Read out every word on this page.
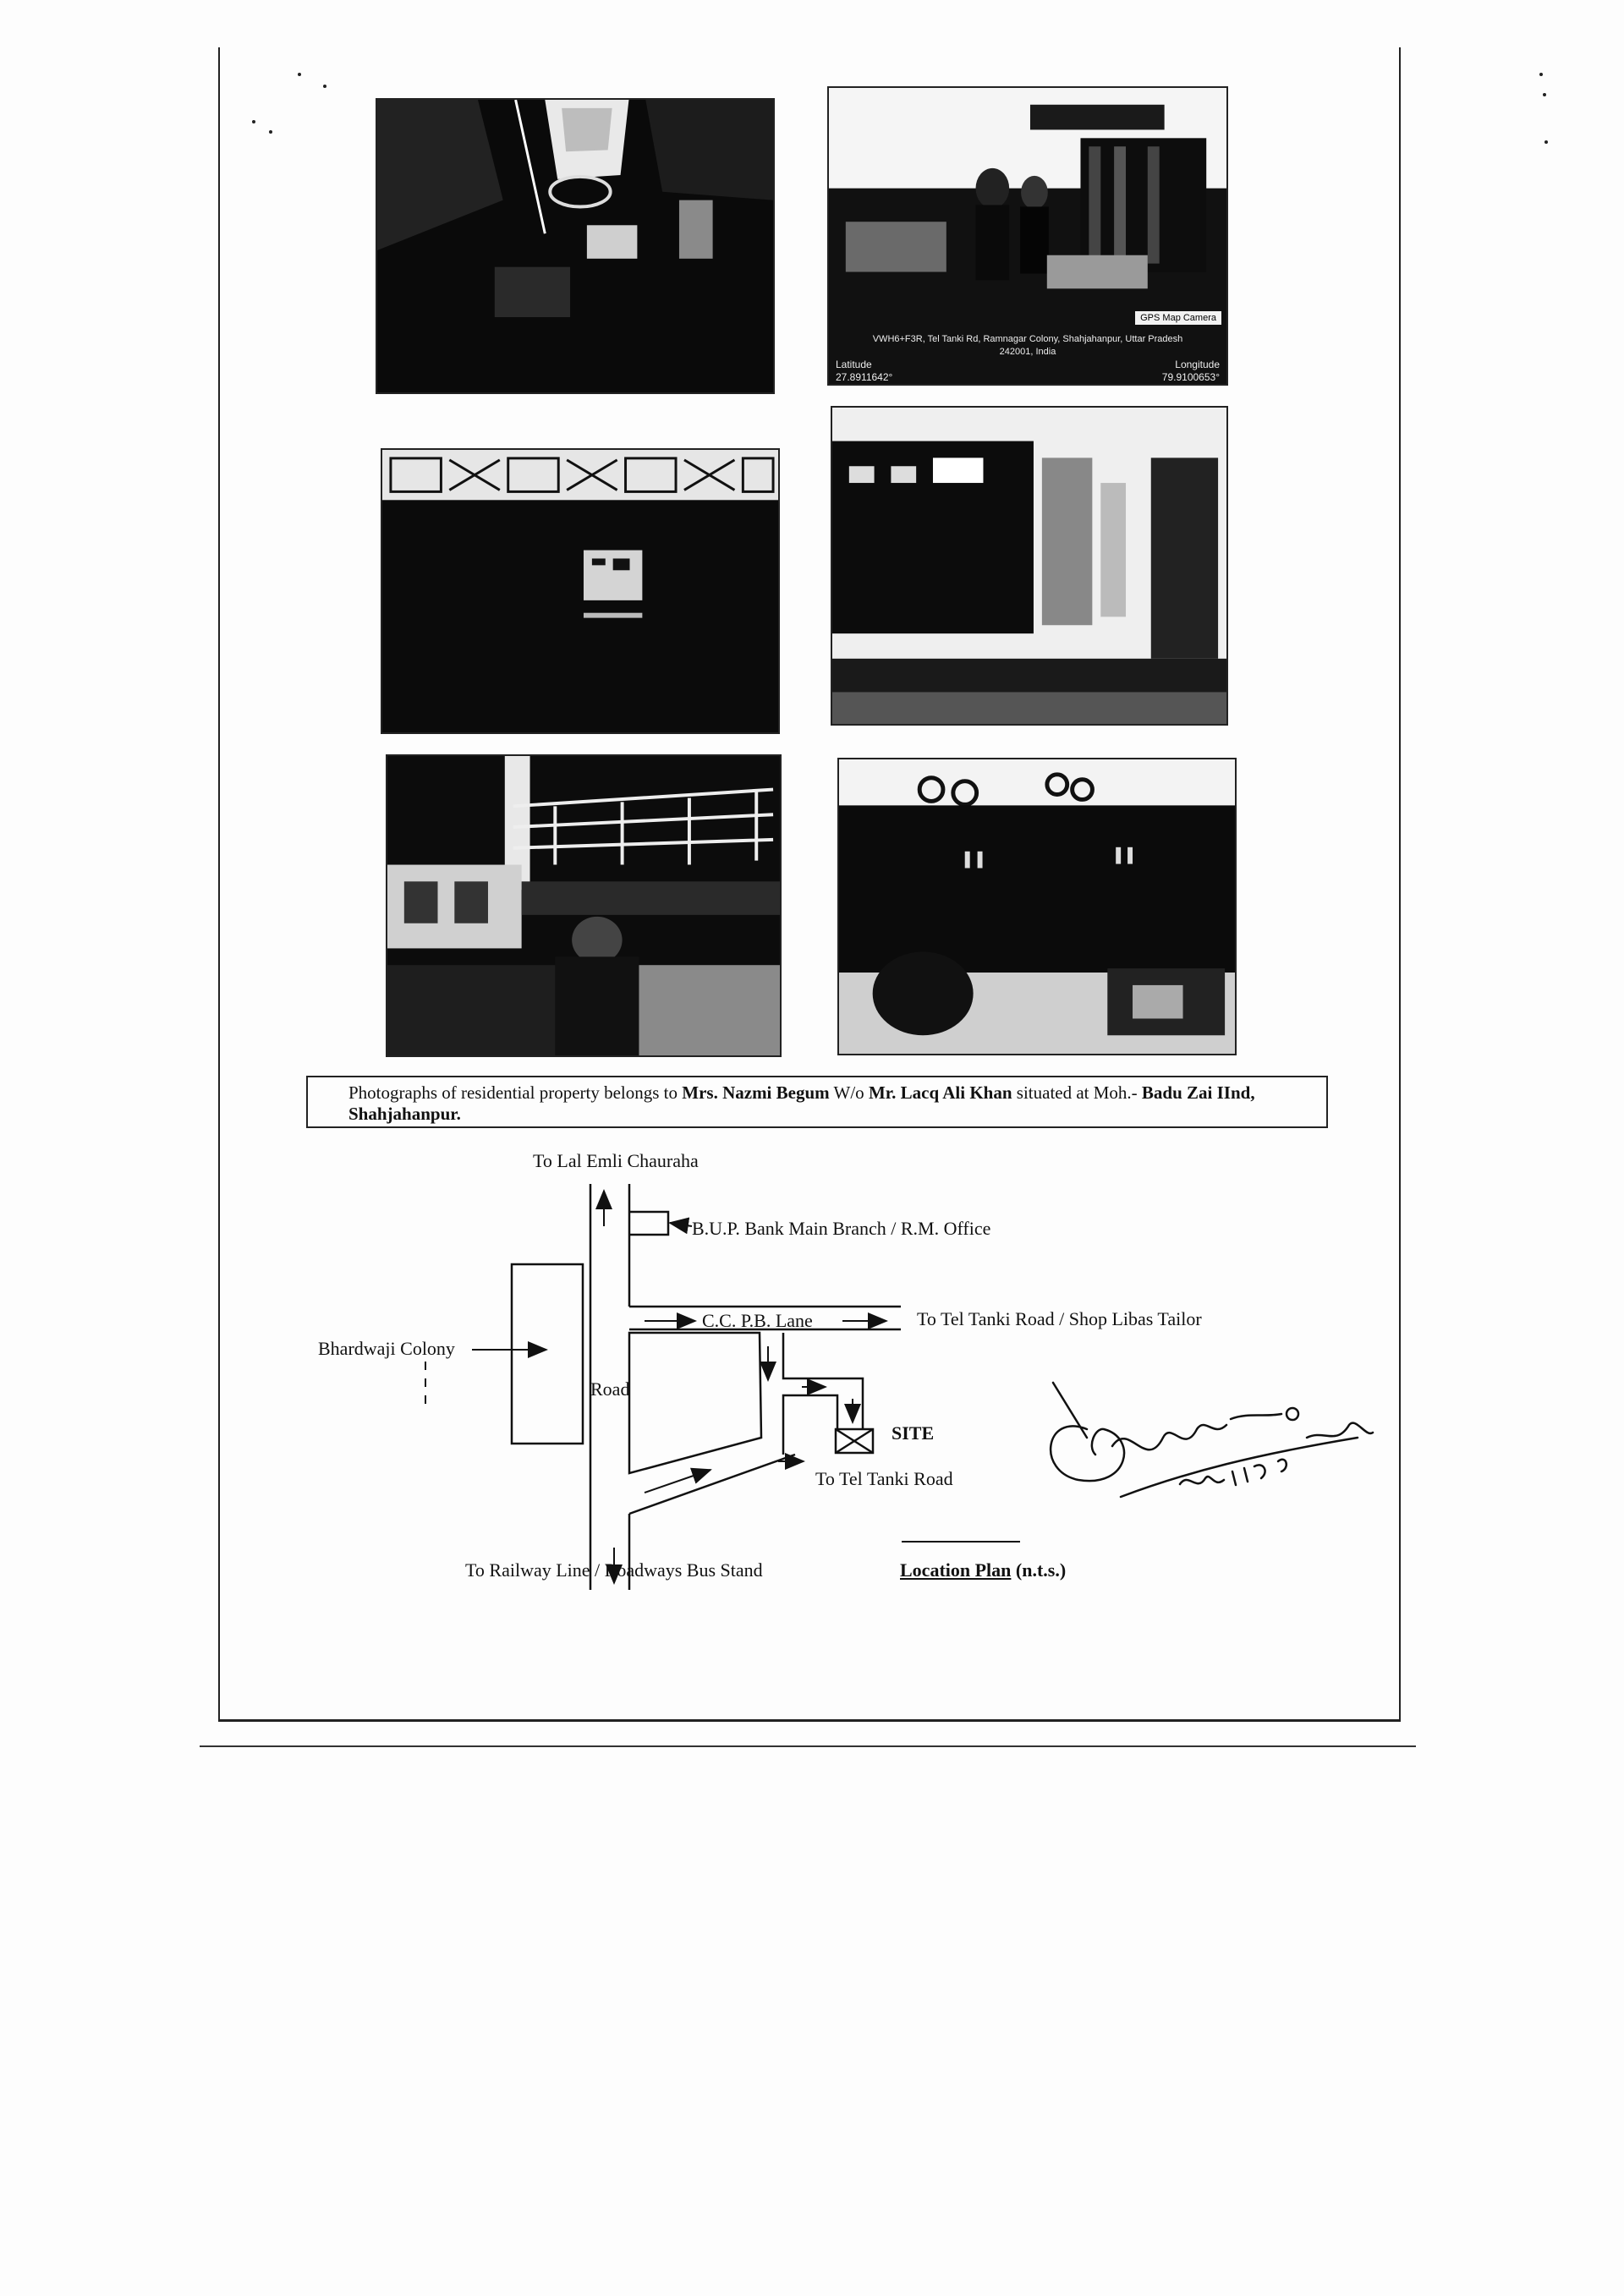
GPS Map Camera
VWH6+F3R, Tel Tanki Rd, Ramnagar Colony, Shahjahanpur, Uttar Pradesh
242001, India
Latitude	Longitude
27.8911642°	79.9100653°
Photographs of residential property belongs to Mrs. Nazmi Begum W/o Mr. Lacq Ali Khan situated at Moh.- Badu Zai IInd, Shahjahanpur.
To Lal Emli Chauraha
B.U.P. Bank Main Branch / R.M. Office
C.C. P.B. Lane	To Tel Tanki Road / Shop Libas Tailor
Bhardwaji Colony
Road
SITE
To Tel Tanki Road
To Railway Line / Roadways Bus Stand	Location Plan (n.t.s.)
